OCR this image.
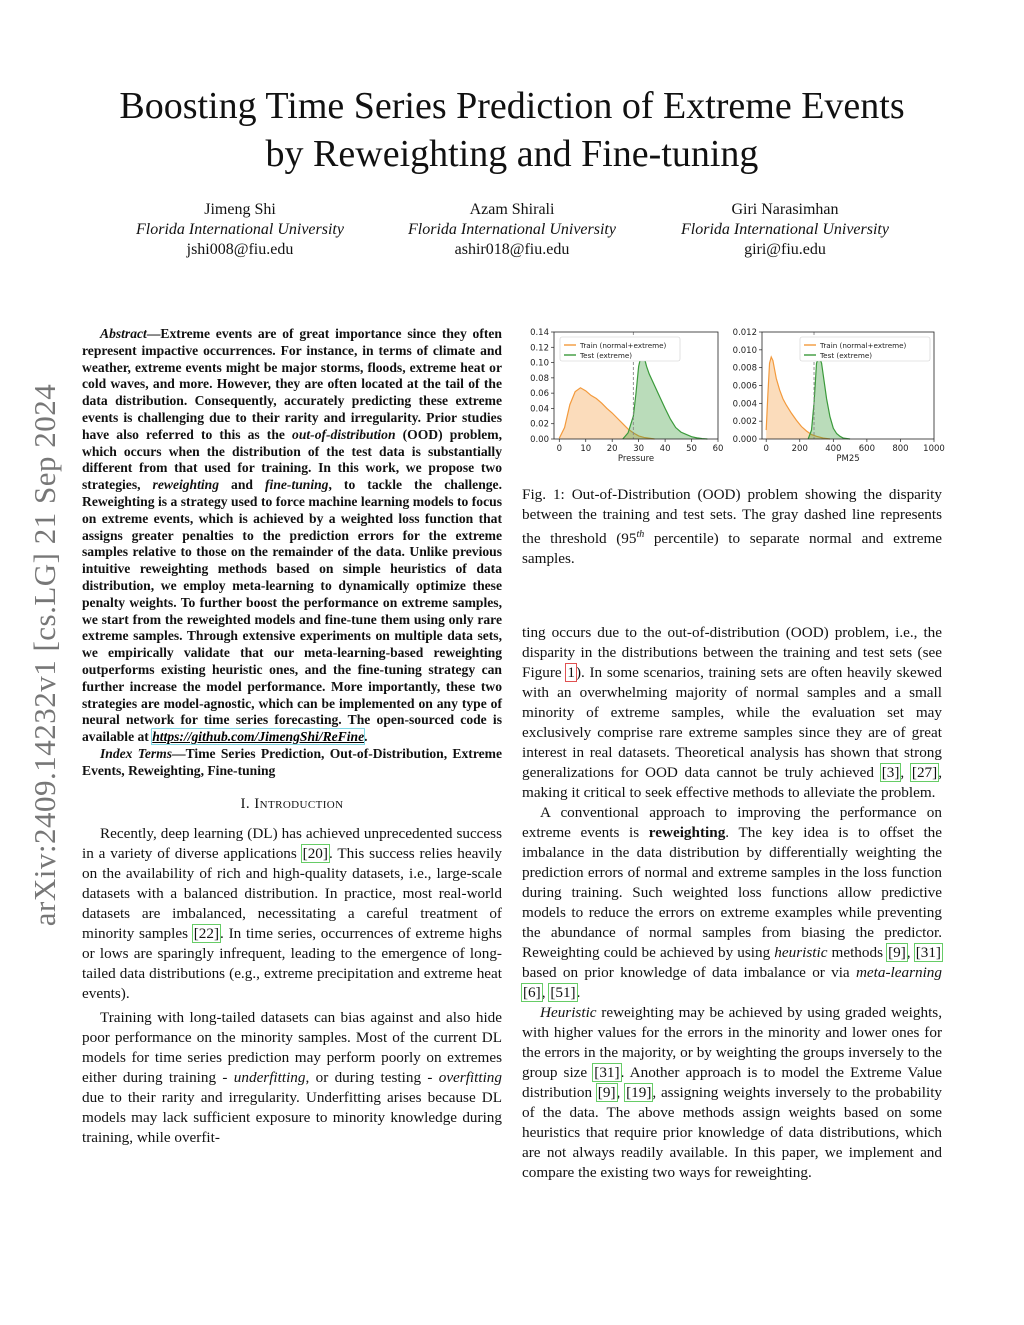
arXiv:2409.14232v1 [cs.LG] 21 Sep 2024
Boosting Time Series Prediction of Extreme Events
by Reweighting and Fine-tuning
Jimeng Shi
Florida International University
jshi008@fiu.edu
Azam Shirali
Florida International University
ashir018@fiu.edu
Giri Narasimhan
Florida International University
giri@fiu.edu

Abstract—Extreme events are of great importance since they often represent impactive occurrences. For instance, in terms of climate and weather, extreme events might be major storms, floods, extreme heat or cold waves, and more. However, they are often located at the tail of the data distribution. Consequently, accurately predicting these extreme events is challenging due to their rarity and irregularity. Prior studies have also referred to this as the out-of-distribution (OOD) problem, which occurs when the distribution of the test data is substantially different from that used for training. In this work, we propose two strategies, reweighting and fine-tuning, to tackle the challenge. Reweighting is a strategy used to force machine learning models to focus on extreme events, which is achieved by a weighted loss function that assigns greater penalties to the prediction errors for the extreme samples relative to those on the remainder of the data. Unlike previous intuitive reweighting methods based on simple heuristics of data distribution, we employ meta-learning to dynamically optimize these penalty weights. To further boost the performance on extreme samples, we start from the reweighted models and fine-tune them using only rare extreme samples. Through extensive experiments on multiple data sets, we empirically validate that our meta-learning-based reweighting outperforms existing heuristic ones, and the fine-tuning strategy can further increase the model performance. More importantly, these two strategies are model-agnostic, which can be implemented on any type of neural network for time series forecasting. The open-sourced code is available at https://github.com/JimengShi/ReFine.

Index Terms—Time Series Prediction, Out-of-Distribution, Extreme Events, Reweighting, Fine-tuning

I. Introduction

Recently, deep learning (DL) has achieved unprecedented success in a variety of diverse applications [20]. This success relies heavily on the availability of rich and high-quality datasets, i.e., large-scale datasets with a balanced distribution. In practice, most real-world datasets are imbalanced, necessitating a careful treatment of minority samples [22]. In time series, occurrences of extreme highs or lows are sparingly infrequent, leading to the emergence of long-tailed data distributions (e.g., extreme precipitation and extreme heat events).

Training with long-tailed datasets can bias against and also hide poor performance on the minority samples. Most of the current DL models for time series prediction may perform poorly on extremes either during training - underfitting, or during testing - overfitting due to their rarity and irregularity. Underfitting arises because DL models may lack sufficient exposure to minority knowledge during training, while overfit-

0.00
0.02
0.04
0.06
0.08
0.10
0.12
0.14
0 10 20 30 40 50 60
Pressure
Train (normal+extreme)
Test (extreme)
0.000
0.002
0.004
0.006
0.008
0.010
0.012
0	200 400 600 800 1000
PM25
Train (normal+extreme)
Test (extreme)
Fig. 1: Out-of-Distribution (OOD) problem showing the disparity between the training and test sets. The gray dashed line represents the threshold (95th percentile) to separate normal and extreme samples.

ting occurs due to the out-of-distribution (OOD) problem, i.e., the disparity in the distributions between the training and test sets (see Figure 1). In some scenarios, training sets are often heavily skewed with an overwhelming majority of normal samples and a small minority of extreme samples, while the evaluation set may exclusively comprise rare extreme samples since they are of great interest in real datasets. Theoretical analysis has shown that strong generalizations for OOD data cannot be truly achieved [3], [27], making it critical to seek effective methods to alleviate the problem.

A conventional approach to improving the performance on extreme events is reweighting. The key idea is to offset the imbalance in the data distribution by differentially weighting the prediction errors of normal and extreme samples in the loss function during training. Such weighted loss functions allow predictive models to reduce the errors on extreme examples while preventing the abundance of normal samples from biasing the predictor. Reweighting could be achieved by using heuristic methods [9], [31] based on prior knowledge of data imbalance or via meta-learning [6], [51].

Heuristic reweighting may be achieved by using graded weights, with higher values for the errors in the minority and lower ones for the errors in the majority, or by weighting the groups inversely to the group size [31]. Another approach is to model the Extreme Value distribution [9], [19], assigning weights inversely to the probability of the data. The above methods assign weights based on some heuristics that require prior knowledge of data distributions, which are not always readily available. In this paper, we implement and compare the existing two ways for reweighting.
